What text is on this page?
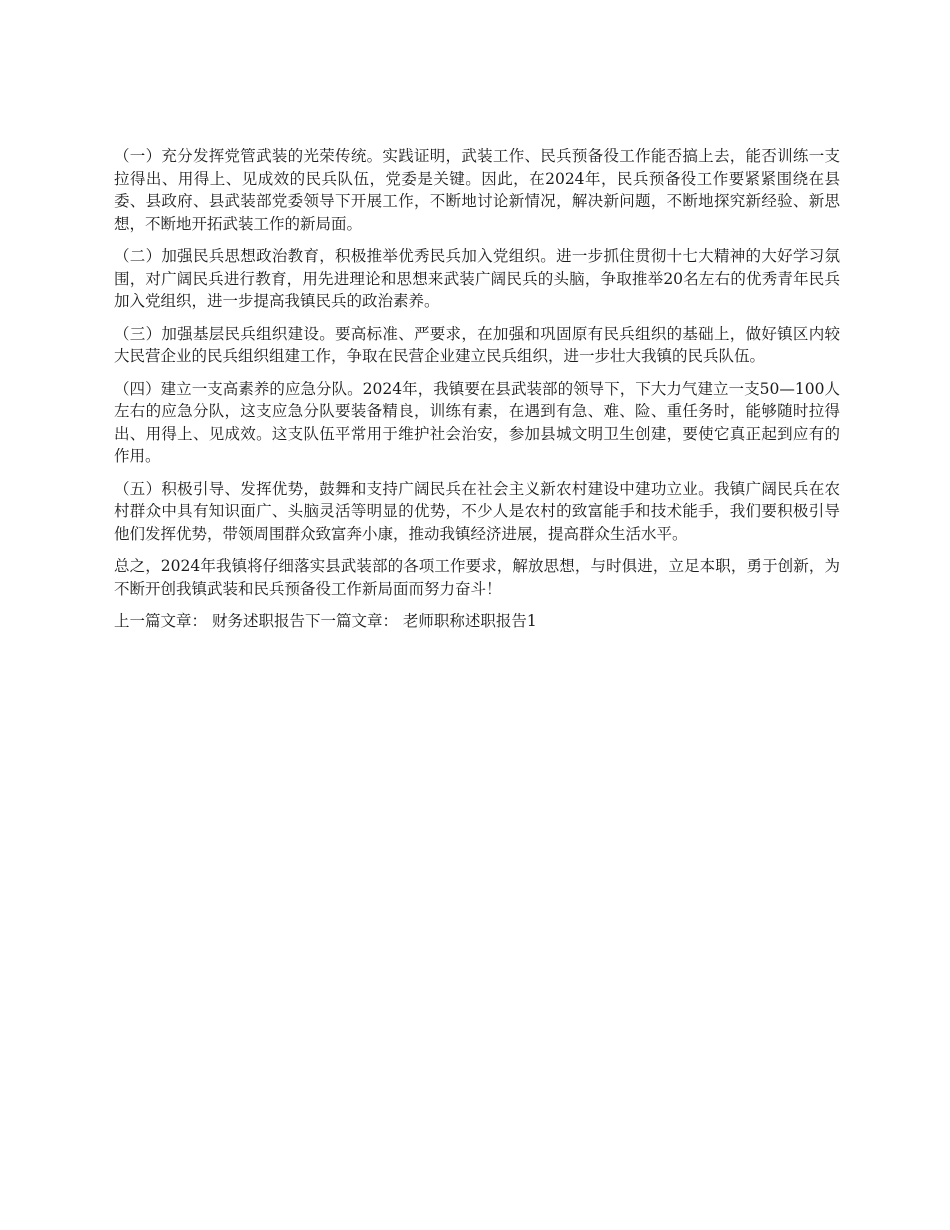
（一）充分发挥党管武装的光荣传统。实践证明，武装工作、民兵预备役工作能否搞上去，能否训练一支拉得出、用得上、见成效的民兵队伍，党委是关键。因此，在2024年，民兵预备役工作要紧紧围绕在县委、县政府、县武装部党委领导下开展工作，不断地讨论新情况，解决新问题，不断地探究新经验、新思想，不断地开拓武装工作的新局面。

（二）加强民兵思想政治教育，积极推举优秀民兵加入党组织。进一步抓住贯彻十七大精神的大好学习氛围，对广阔民兵进行教育，用先进理论和思想来武装广阔民兵的头脑，争取推举20名左右的优秀青年民兵加入党组织，进一步提高我镇民兵的政治素养。

（三）加强基层民兵组织建设。要高标准、严要求，在加强和巩固原有民兵组织的基础上，做好镇区内较大民营企业的民兵组织组建工作，争取在民营企业建立民兵组织，进一步壮大我镇的民兵队伍。

（四）建立一支高素养的应急分队。2024年，我镇要在县武装部的领导下，下大力气建立一支50—100人左右的应急分队，这支应急分队要装备精良，训练有素，在遇到有急、难、险、重任务时，能够随时拉得出、用得上、见成效。这支队伍平常用于维护社会治安，参加县城文明卫生创建，要使它真正起到应有的作用。

（五）积极引导、发挥优势，鼓舞和支持广阔民兵在社会主义新农村建设中建功立业。我镇广阔民兵在农村群众中具有知识面广、头脑灵活等明显的优势，不少人是农村的致富能手和技术能手，我们要积极引导他们发挥优势，带领周围群众致富奔小康，推动我镇经济进展，提高群众生活水平。

总之，2024年我镇将仔细落实县武装部的各项工作要求，解放思想，与时俱进，立足本职，勇于创新，为不断开创我镇武装和民兵预备役工作新局面而努力奋斗！

上一篇文章： 财务述职报告下一篇文章： 老师职称述职报告1
